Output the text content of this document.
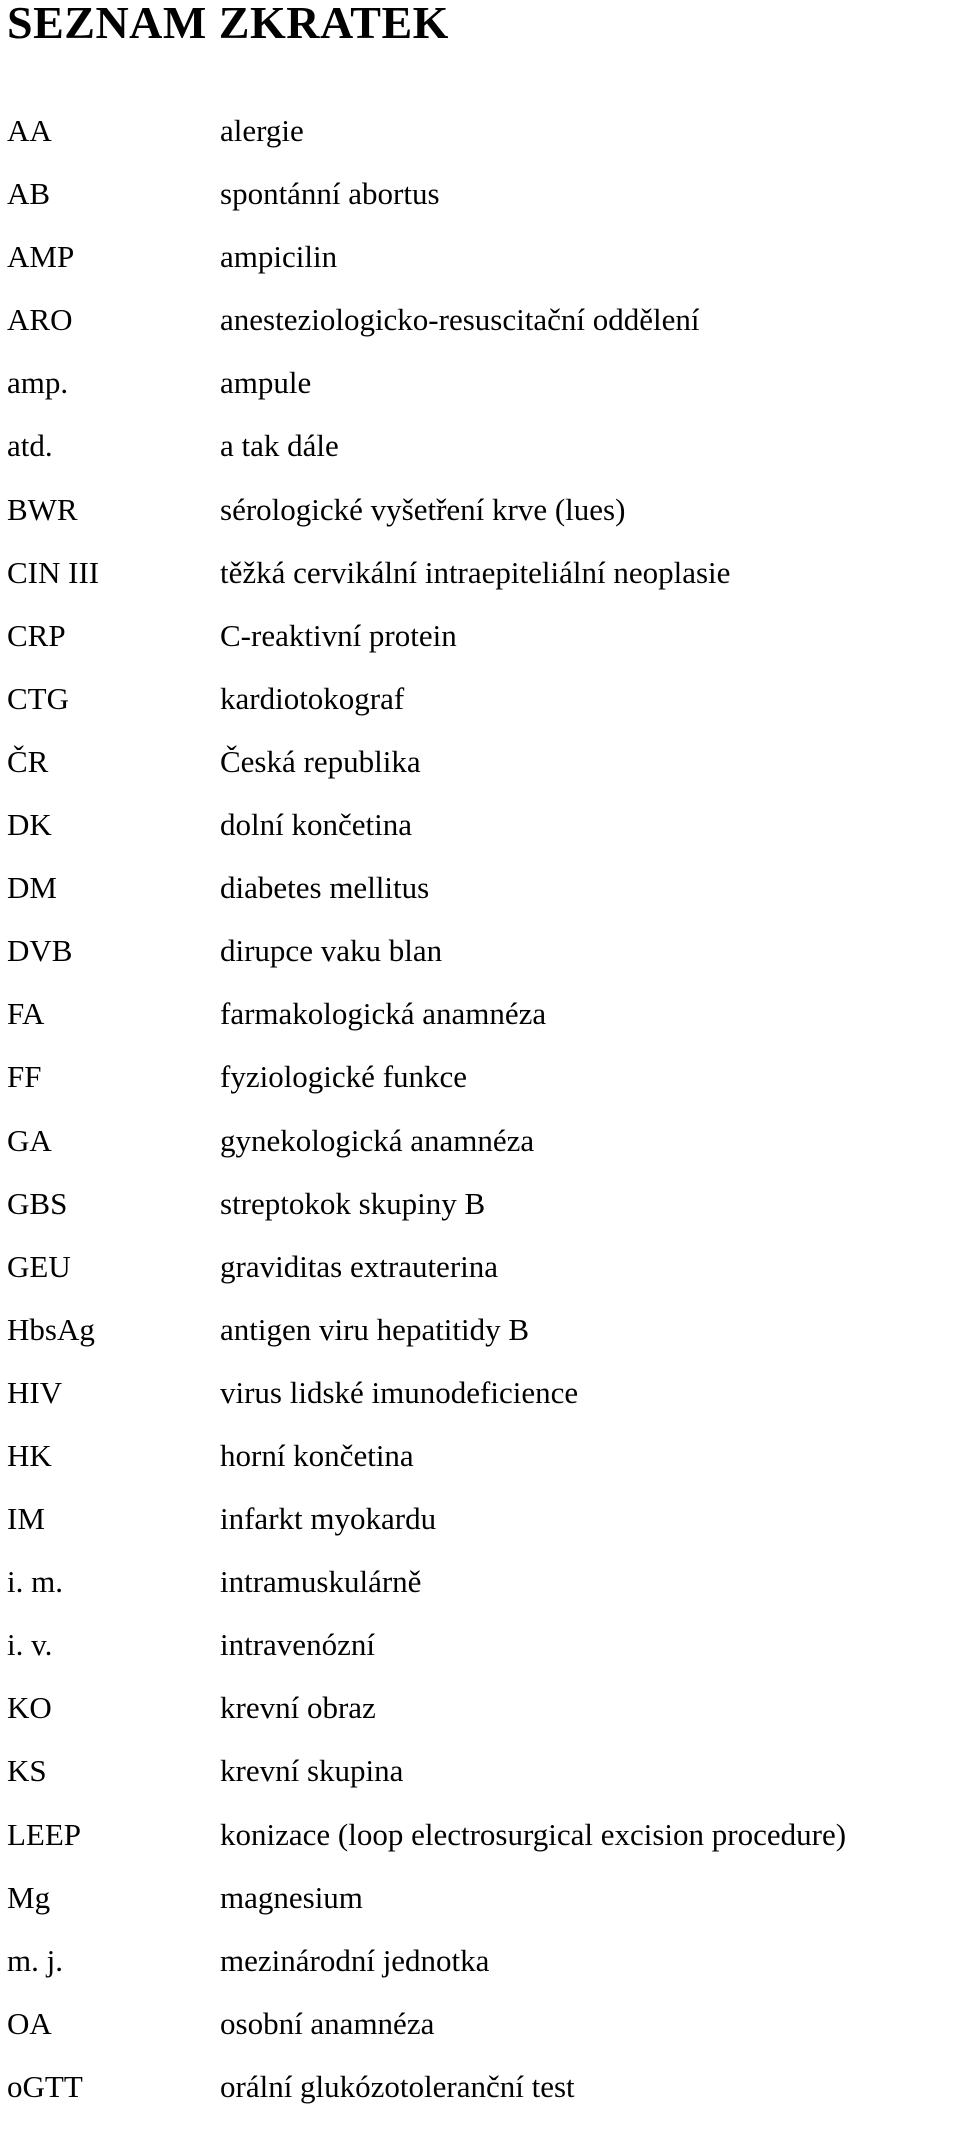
SEZNAM ZKRATEK
AA	alergie
AB	spontánní abortus
AMP	ampicilin
ARO	anesteziologicko-resuscitační oddělení
amp.	ampule
atd.	a tak dále
BWR	sérologické vyšetření krve (lues)
CIN III	těžká cervikální intraepiteliální neoplasie
CRP	C-reaktivní protein
CTG	kardiotokograf
ČR	Česká republika
DK	dolní končetina
DM	diabetes mellitus
DVB	dirupce vaku blan
FA	farmakologická anamnéza
FF	fyziologické funkce
GA	gynekologická anamnéza
GBS	streptokok skupiny B
GEU	graviditas extrauterina
HbsAg	antigen viru hepatitidy B
HIV	virus lidské imunodeficience
HK	horní končetina
IM	infarkt myokardu
i. m.	intramuskulárně
i. v.	intravenózní
KO	krevní obraz
KS	krevní skupina
LEEP	konizace (loop electrosurgical excision procedure)
Mg	magnesium
m. j.	mezinárodní jednotka
OA	osobní anamnéza
oGTT	orální glukózotoleranční test
